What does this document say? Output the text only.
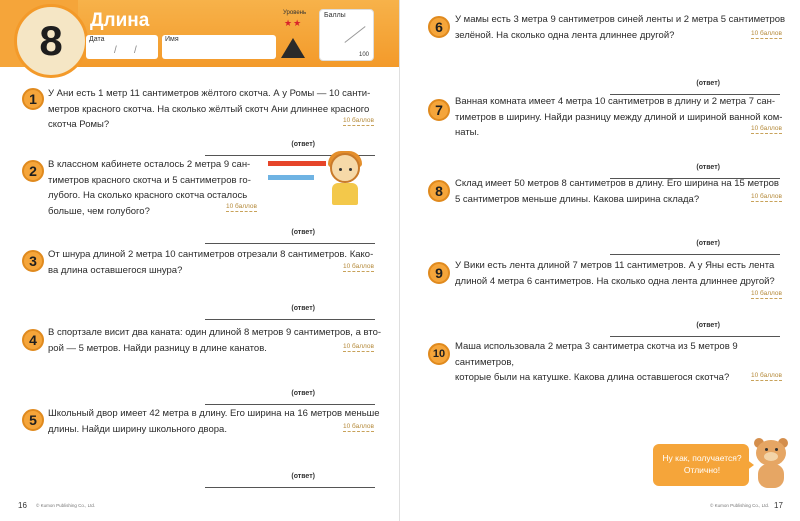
8	Длина
Дата
/ /
Имя
Уровень
★★
Баллы
100
1	У Ани есть 1 метр 11 сантиметров жёлтого скотча. А у Ромы — 10 санти-
метров красного скотча. На сколько жёлтый скотч Ани длиннее красного
скотча Ромы?	10 баллов
(ответ)
2	В классном кабинете осталось 2 метра 9 сан-
тиметров красного скотча и 5 сантиметров го-
лубого. На сколько красного скотча осталось
больше, чем голубого?	10 баллов
(ответ)
3	От шнура длиной 2 метра 10 сантиметров отрезали 8 сантиметров. Како-
ва длина оставшегося шнура?	10 баллов
(ответ)
4	В спортзале висит два каната: один длиной 8 метров 9 сантиметров, а вто-
рой — 5 метров. Найди разницу в длине канатов.	10 баллов
(ответ)
5	Школьный двор имеет 42 метра в длину. Его ширина на 16 метров меньше
длины. Найди ширину школьного двора.	10 баллов
(ответ)
16 © Kumon Publishing Co., Ltd.
6	У мамы есть 3 метра 9 сантиметров синей ленты и 2 метра 5 сантиметров
зелёной. На сколько одна лента длиннее другой?	10 баллов
(ответ)
7
Ванная комната имеет 4 метра 10 сантиметров в длину и 2 метра 7 сан-
тиметров в ширину. Найди разницу между длиной и шириной ванной ком-
наты.	10 баллов
(ответ)
8	Склад имеет 50 метров 8 сантиметров в длину. Его ширина на 15 метров
5 сантиметров меньше длины. Какова ширина склада?	10 баллов
(ответ)
9	У Вики есть лента длиной 7 метров 11 сантиметров. А у Яны есть лента
длиной 4 метра 6 сантиметров. На сколько одна лента длиннее другой?
10 баллов
(ответ)
10
Маша использовала 2 метра 3 сантиметра скотча из 5 метров 9 сантиметров,
которые были на катушке. Какова длина оставшегося скотча?	10 баллов
© Kumon Publishing Co., Ltd. 17
Ну как, получается?
Отлично!
